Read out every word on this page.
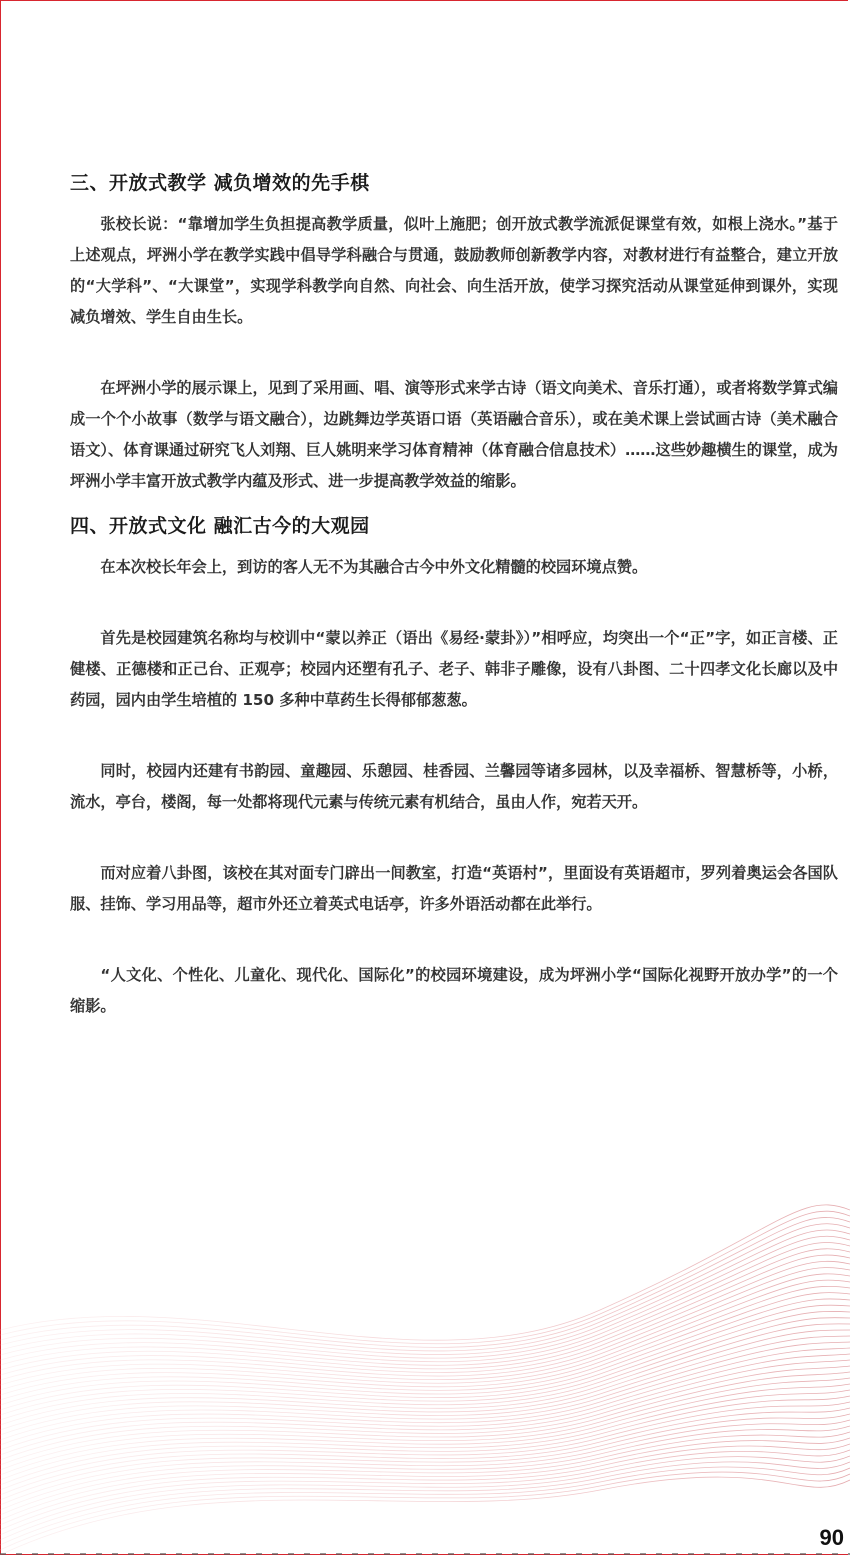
三、开放式教学 减负增效的先手棋

张校长说：“靠增加学生负担提高教学质量，似叶上施肥；创开放式教学流派促课堂有效，如根上浇水。”基于上述观点，坪洲小学在教学实践中倡导学科融合与贯通，鼓励教师创新教学内容，对教材进行有益整合，建立开放的“大学科”、“大课堂”，实现学科教学向自然、向社会、向生活开放，使学习探究活动从课堂延伸到课外，实现减负增效、学生自由生长。

在坪洲小学的展示课上，见到了采用画、唱、演等形式来学古诗（语文向美术、音乐打通），或者将数学算式编成一个个小故事（数学与语文融合），边跳舞边学英语口语（英语融合音乐），或在美术课上尝试画古诗（美术融合语文）、体育课通过研究飞人刘翔、巨人姚明来学习体育精神（体育融合信息技术）……这些妙趣横生的课堂，成为坪洲小学丰富开放式教学内蕴及形式、进一步提高教学效益的缩影。

四、开放式文化 融汇古今的大观园

在本次校长年会上，到访的客人无不为其融合古今中外文化精髓的校园环境点赞。

首先是校园建筑名称均与校训中“蒙以养正（语出《易经·蒙卦》）”相呼应，均突出一个“正”字，如正言楼、正健楼、正德楼和正己台、正观亭；校园内还塑有孔子、老子、韩非子雕像，设有八卦图、二十四孝文化长廊以及中药园，园内由学生培植的 150 多种中草药生长得郁郁葱葱。

同时，校园内还建有书韵园、童趣园、乐憩园、桂香园、兰馨园等诸多园林，以及幸福桥、智慧桥等，小桥，流水，亭台，楼阁，每一处都将现代元素与传统元素有机结合，虽由人作，宛若天开。

而对应着八卦图，该校在其对面专门辟出一间教室，打造“英语村”，里面设有英语超市，罗列着奥运会各国队服、挂饰、学习用品等，超市外还立着英式电话亭，许多外语活动都在此举行。

“人文化、个性化、儿童化、现代化、国际化”的校园环境建设，成为坪洲小学“国际化视野开放办学”的一个缩影。

90
